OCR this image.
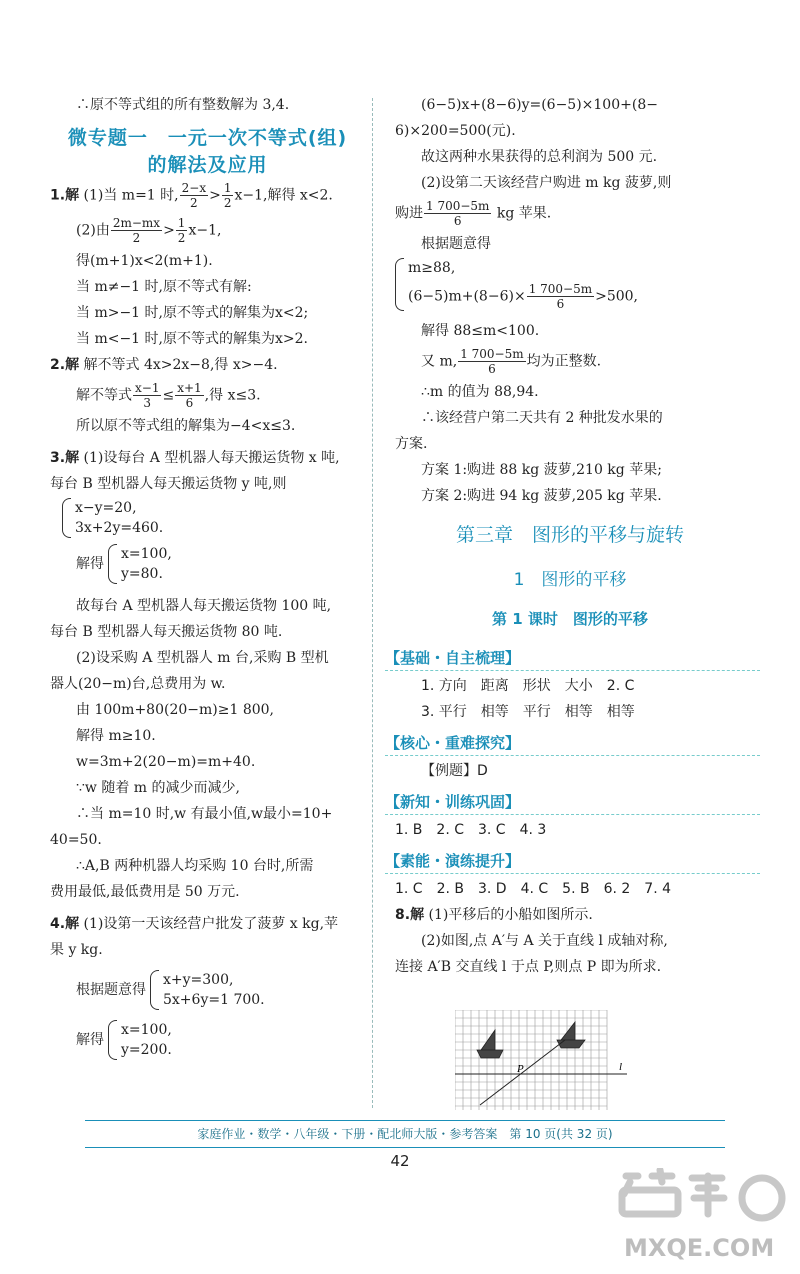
∴原不等式组的所有整数解为 3,4.

微专题一　一元一次不等式(组)
的解法及应用

1.解 (1)当 m=1 时, $\frac{2-x}{2} > \frac{1}{2} x-1$,解得 x<2.

(2)由 $\frac{2m-mx}{2} > \frac{1}{2} x-1$,

得(m+1)x<2(m+1).

当 m≠−1 时,原不等式有解:

当 m>−1 时,原不等式的解集为x<2;

当 m<−1 时,原不等式的解集为x>2.

2.解 解不等式 4x>2x−8,得 x>−4.

解不等式 $\frac{x-1}{3} \le \frac{x+1}{6}$ ,得 x≤3.

所以原不等式组的解集为−4<x≤3.

3.解 (1)设每台 A 型机器人每天搬运货物 x 吨,

每台 B 型机器人每天搬运货物 y 吨,则

x−y=20,

3x+2y=460.

解得

x=100,

y=80.

故每台 A 型机器人每天搬运货物 100 吨,

每台 B 型机器人每天搬运货物 80 吨.

(2)设采购 A 型机器人 m 台,采购 B 型机

器人(20−m)台,总费用为 w.

由 100m+80(20−m)≥1 800,

解得 m≥10.

w=3m+2(20−m)=m+40.

∵w 随着 m 的减少而减少,

∴当 m=10 时,w 有最小值,w最小=10+

40=50.

∴A,B 两种机器人均采购 10 台时,所需

费用最低,最低费用是 50 万元.

4.解 (1)设第一天该经营户批发了菠萝 x kg,苹

果 y kg.

根据题意得

x+y=300,

5x+6y=1 700.

解得

x=100,

y=200.

(6−5)x+(8−6)y=(6−5)×100+(8−

6)×200=500(元).

故这两种水果获得的总利润为 500 元.

(2)设第二天该经营户购进 m kg 菠萝,则

购进 $\frac{1 700-5m}{6}$ kg 苹果.

根据题意得

m≥88,

$(6-5)m+(8-6)\times \frac{1 700-5m}{6} >500$,

解得 88≤m<100.

又 m, $\frac{1 700-5m}{6}$ 均为正整数.

∴m 的值为 88,94.

∴该经营户第二天共有 2 种批发水果的

方案.

方案 1:购进 88 kg 菠萝,210 kg 苹果;

方案 2:购进 94 kg 菠萝,205 kg 苹果.

第三章　图形的平移与旋转
1　图形的平移
第 1 课时　图形的平移
【基础・自主梳理】

1. 方向　距离　形状　大小　2. C

3. 平行　相等　平行　相等　相等

【核心・重难探究】

【例题】D

【新知・训练巩固】

1. B　2. C　3. C　4. 3

【素能・演练提升】

1. C　2. B　3. D　4. C　5. B　6. 2　7. 4

8.解 (1)平移后的小船如图所示.

(2)如图,点 A′与 A 关于直线 l 成轴对称,

连接 A′B 交直线 l 于点 P,则点 P 即为所求.

P	l
家庭作业・数学・八年级・下册・配北师大版・参考答案　第 10 页(共 32 页)
42
MXQE.COM
